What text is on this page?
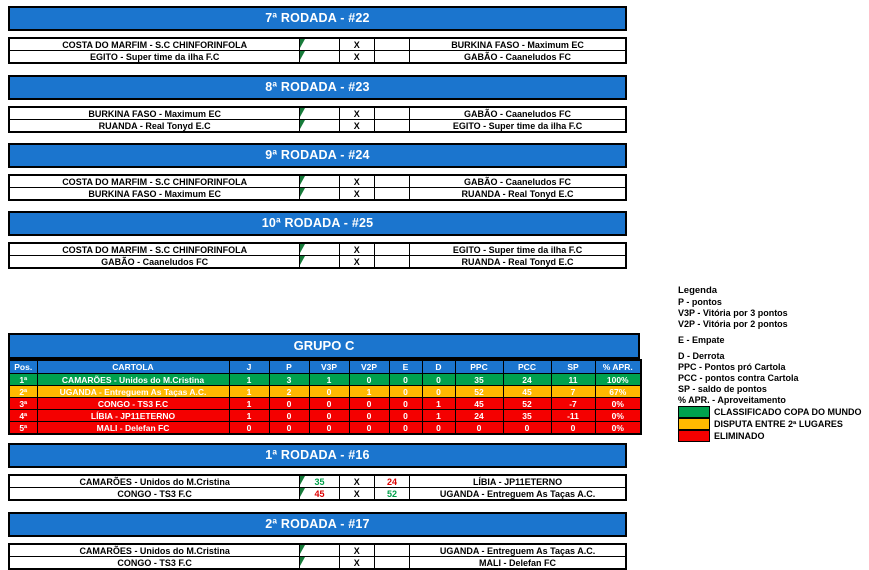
7ª RODADA - #22
COSTA DO MARFIM - S.C CHINFORINFOLA		X		BURKINA FASO - Maximum EC
EGITO - Super time da ilha F.C		X		GABÃO - Caaneludos FC
8ª RODADA - #23
BURKINA FASO - Maximum EC		X		GABÃO - Caaneludos FC
RUANDA - Real Tonyd E.C		X		EGITO - Super time da ilha F.C
9ª RODADA - #24
COSTA DO MARFIM - S.C CHINFORINFOLA		X		GABÃO - Caaneludos FC
BURKINA FASO - Maximum EC		X		RUANDA - Real Tonyd E.C
10ª RODADA - #25
COSTA DO MARFIM - S.C CHINFORINFOLA		X		EGITO - Super time da ilha F.C
GABÃO - Caaneludos FC		X		RUANDA - Real Tonyd E.C
GRUPO C
Pos.	CARTOLA	J	P	V3P	V2P	E	D	PPC	PCC	SP	% APR.
1ª	CAMARÕES - Unidos do M.Cristina	1	3	1	0	0	0	35	24	11	100%
2ª	UGANDA - Entreguem As Taças A.C.	1	2	0	1	0	0	52	45	7	67%
3ª	CONGO - TS3 F.C	1	0	0	0	0	1	45	52	-7	0%
4ª	LÍBIA - JP11ETERNO	1	0	0	0	0	1	24	35	-11	0%
5ª	MALI - Delefan FC	0	0	0	0	0	0	0	0	0	0%
Legenda
P - pontos
V3P - Vitória por 3 pontos
V2P - Vitória por 2 pontos
E - Empate
D - Derrota
PPC - Pontos pró Cartola
PCC - pontos contra Cartola
SP - saldo de pontos
% APR. - Aproveitamento
CLASSIFICADO COPA DO MUNDO
DISPUTA ENTRE 2ª LUGARES
ELIMINADO
1ª RODADA - #16
CAMARÕES - Unidos do M.Cristina	35	X	24	LÍBIA - JP11ETERNO
CONGO - TS3 F.C	45	X	52	UGANDA - Entreguem As Taças A.C.
2ª RODADA - #17
CAMARÕES - Unidos do M.Cristina		X		UGANDA - Entreguem As Taças A.C.
CONGO - TS3 F.C		X		MALI - Delefan FC
